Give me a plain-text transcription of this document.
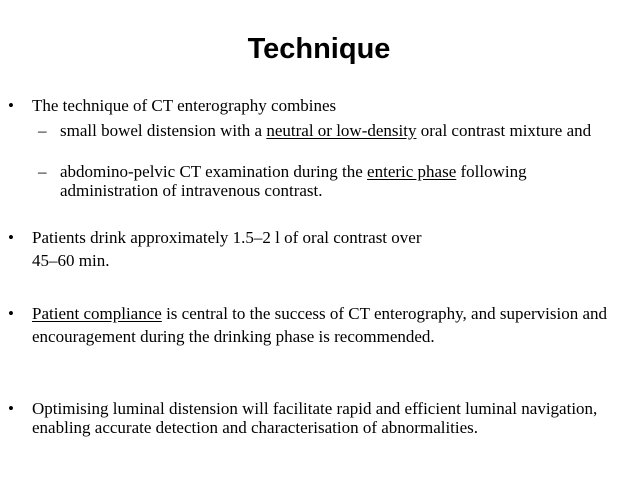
Technique
•	The technique of CT enterography combines
– small bowel distension with a neutral or low-density oral contrast mixture and
– abdomino-pelvic CT examination during the enteric phase following administration of intravenous contrast.
•	Patients drink approximately 1.5–2 l of oral contrast over
45–60 min.
•	Patient compliance is central to the success of CT enterography, and supervision and encouragement during the drinking phase is recommended.
•	Optimising luminal distension will facilitate rapid and efficient luminal navigation, enabling accurate detection and characterisation of abnormalities.
